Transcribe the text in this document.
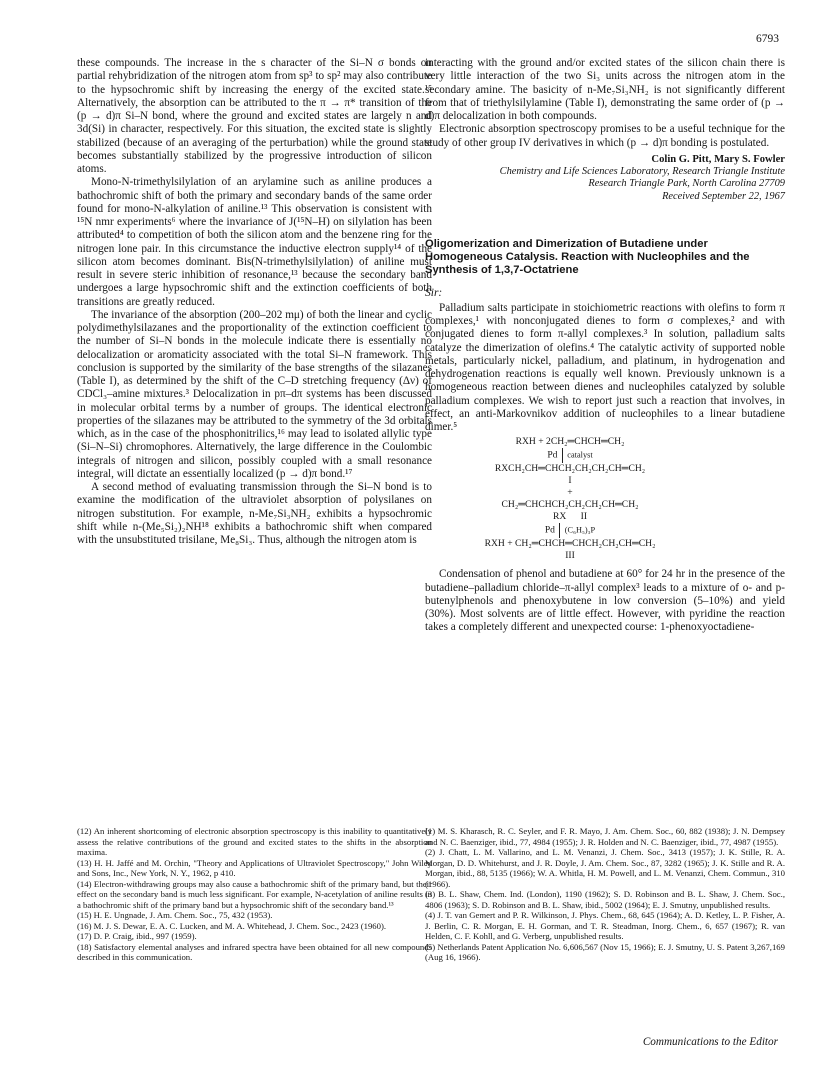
6793

these compounds. The increase in the s character of the Si–N σ bonds on partial rehybridization of the nitrogen atom from sp³ to sp² may also contribute to the hypsochromic shift by increasing the energy of the excited state.¹⁵ Alternatively, the absorption can be attributed to the π → π* transition of the (p → d)π Si–N bond, where the ground and excited states are largely n and 3d(Si) in character, respectively. For this situation, the excited state is slightly stabilized (because of an averaging of the perturbation) while the ground state becomes substantially stabilized by the progressive introduction of silicon atoms.

Mono-N-trimethylsilylation of an arylamine such as aniline produces a bathochromic shift of both the primary and secondary bands of the same order found for mono-N-alkylation of aniline.¹³ This observation is consistent with ¹⁵N nmr experiments⁶ where the invariance of J(¹⁵N–H) on silylation has been attributed⁴ to competition of both the silicon atom and the benzene ring for the nitrogen lone pair. In this circumstance the inductive electron supply¹⁴ of the silicon atom becomes dominant. Bis(N-trimethylsilylation) of aniline must result in severe steric inhibition of resonance,¹³ because the secondary band undergoes a large hypsochromic shift and the extinction coefficients of both transitions are greatly reduced.

The invariance of the absorption (200–202 mμ) of both the linear and cyclic polydimethylsilazanes and the proportionality of the extinction coefficient to the number of Si–N bonds in the molecule indicate there is essentially no delocalization or aromaticity associated with the total Si–N framework. This conclusion is supported by the similarity of the base strengths of the silazanes (Table I), as determined by the shift of the C–D stretching frequency (Δν) of CDCl₃–amine mixtures.³ Delocalization in pπ–dπ systems has been discussed in molecular orbital terms by a number of groups. The identical electronic properties of the silazanes may be attributed to the symmetry of the 3d orbitals which, as in the case of the phosphonitrilics,¹⁶ may lead to isolated allylic type (Si–N–Si) chromophores. Alternatively, the large difference in the Coulombic integrals of nitrogen and silicon, possibly coupled with a small resonance integral, will dictate an essentially localized (p → d)π bond.¹⁷

A second method of evaluating transmission through the Si–N bond is to examine the modification of the ultraviolet absorption of polysilanes on nitrogen substitution. For example, n-Me₇Si₃NH₂ exhibits a hypsochromic shift while n-(Me₅Si₂)₂NH¹⁸ exhibits a bathochromic shift when compared with the unsubstituted trisilane, Me₈Si₃. Thus, although the nitrogen atom is

interacting with the ground and/or excited states of the silicon chain there is very little interaction of the two Si₃ units across the nitrogen atom in the secondary amine. The basicity of n-Me₇Si₃NH₂ is not significantly different from that of triethylsilylamine (Table I), demonstrating the same order of (p → d)π delocalization in both compounds.

Electronic absorption spectroscopy promises to be a useful technique for the study of other group IV derivatives in which (p → d)π bonding is postulated.

Colin G. Pitt, Mary S. Fowler
Chemistry and Life Sciences Laboratory, Research Triangle Institute
Research Triangle Park, North Carolina 27709
Received September 22, 1967
Oligomerization and Dimerization of Butadiene under Homogeneous Catalysis. Reaction with Nucleophiles and the Synthesis of 1,3,7-Octatriene
Sir:

Palladium salts participate in stoichiometric reactions with olefins to form π complexes,¹ with nonconjugated dienes to form σ complexes,² and with conjugated dienes to form π-allyl complexes.³ In solution, palladium salts catalyze the dimerization of olefins.⁴ The catalytic activity of supported noble metals, particularly nickel, palladium, and platinum, in hydrogenation and dehydrogenation reactions is equally well known. Previously unknown is a homogeneous reaction between dienes and nucleophiles catalyzed by soluble palladium complexes. We wish to report just such a reaction that involves, in effect, an anti-Markovnikov addition of nucleophiles to a linear butadiene dimer.⁵

RXH + 2CH₂═CHCH═CH₂
Pd catalyst
RXCH₂CH═CHCH₂CH₂CH₂CH═CH₂
I
+
CH₂═CHCHCH₂CH₂CH₂CH═CH₂
RX II
Pd (C₆H₅)₃P
RXH + CH₂═CHCH═CHCH₂CH₂CH═CH₂
III

Condensation of phenol and butadiene at 60° for 24 hr in the presence of the butadiene–palladium chloride–π-allyl complex³ leads to a mixture of o- and p-butenylphenols and phenoxybutene in low conversion (5–10%) and yield (30%). Most solvents are of little effect. However, with pyridine the reaction takes a completely different and unexpected course: 1-phenoxyoctadiene-

(12) An inherent shortcoming of electronic absorption spectroscopy is this inability to quantitatively assess the relative contributions of the ground and excited states to the shifts in the absorption maxima.

(13) H. H. Jaffé and M. Orchin, "Theory and Applications of Ultraviolet Spectroscopy," John Wiley and Sons, Inc., New York, N. Y., 1962, p 410.

(14) Electron-withdrawing groups may also cause a bathochromic shift of the primary band, but their effect on the secondary band is much less significant. For example, N-acetylation of aniline results in a bathochromic shift of the primary band but a hypsochromic shift of the secondary band.¹³

(15) H. E. Ungnade, J. Am. Chem. Soc., 75, 432 (1953).

(16) M. J. S. Dewar, E. A. C. Lucken, and M. A. Whitehead, J. Chem. Soc., 2423 (1960).

(17) D. P. Craig, ibid., 997 (1959).

(18) Satisfactory elemental analyses and infrared spectra have been obtained for all new compounds described in this communication.

(1) M. S. Kharasch, R. C. Seyler, and F. R. Mayo, J. Am. Chem. Soc., 60, 882 (1938); J. N. Dempsey and N. C. Baenziger, ibid., 77, 4984 (1955); J. R. Holden and N. C. Baenziger, ibid., 77, 4987 (1955).

(2) J. Chatt, L. M. Vallarino, and L. M. Venanzi, J. Chem. Soc., 3413 (1957); J. K. Stille, R. A. Morgan, D. D. Whitehurst, and J. R. Doyle, J. Am. Chem. Soc., 87, 3282 (1965); J. K. Stille and R. A. Morgan, ibid., 88, 5135 (1966); W. A. Whitla, H. M. Powell, and L. M. Venanzi, Chem. Commun., 310 (1966).

(3) B. L. Shaw, Chem. Ind. (London), 1190 (1962); S. D. Robinson and B. L. Shaw, J. Chem. Soc., 4806 (1963); S. D. Robinson and B. L. Shaw, ibid., 5002 (1964); E. J. Smutny, unpublished results.

(4) J. T. van Gemert and P. R. Wilkinson, J. Phys. Chem., 68, 645 (1964); A. D. Ketley, L. P. Fisher, A. J. Berlin, C. R. Morgan, E. H. Gorman, and T. R. Steadman, Inorg. Chem., 6, 657 (1967); R. van Helden, C. F. Kohll, and G. Verberg, unpublished results.

(5) Netherlands Patent Application No. 6,606,567 (Nov 15, 1966); E. J. Smutny, U. S. Patent 3,267,169 (Aug 16, 1966).

Communications to the Editor
